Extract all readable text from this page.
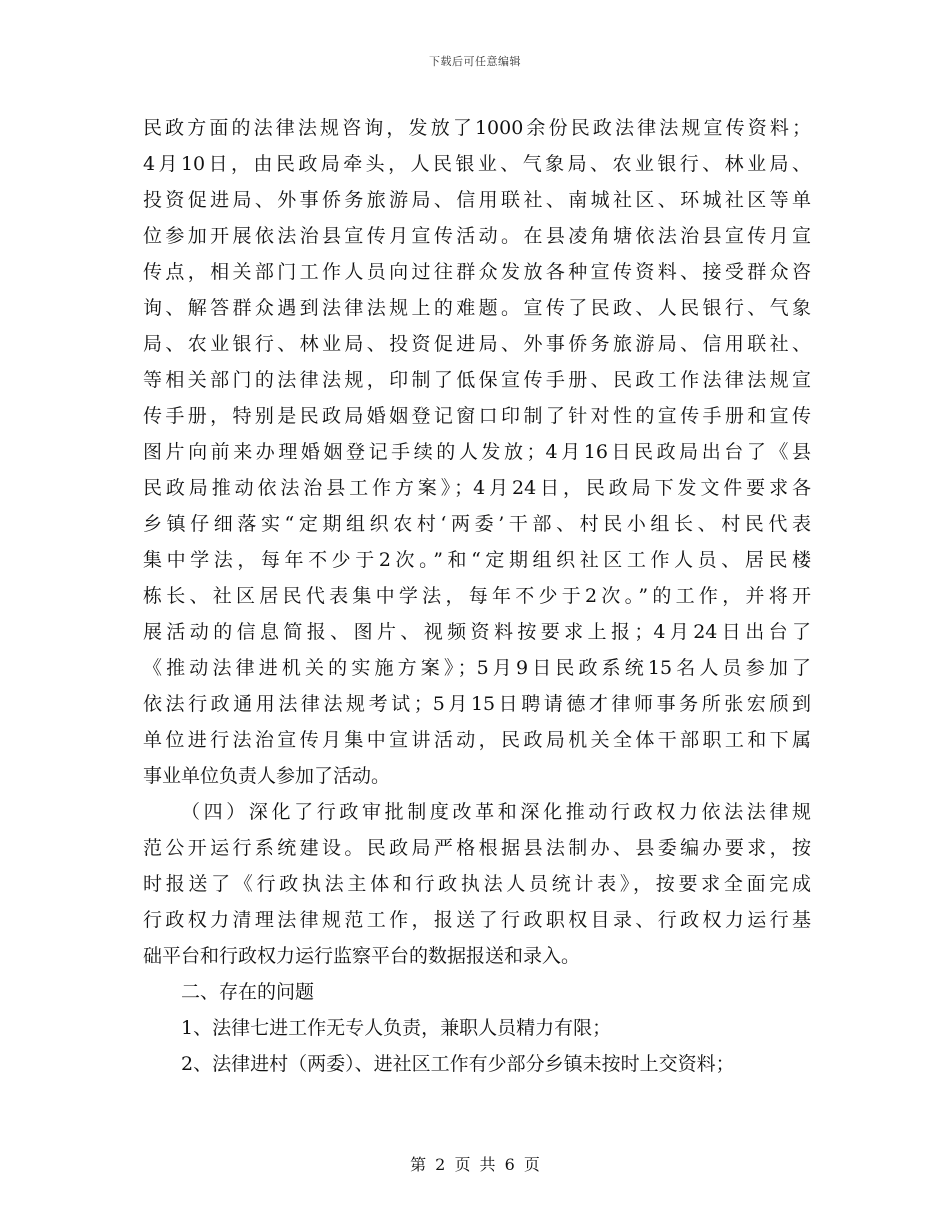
下载后可任意编辑
民政方面的法律法规咨询，发放了1000余份民政法律法规宣传资料；
4月10日，由民政局牵头，人民银业、气象局、农业银行、林业局、
投资促进局、外事侨务旅游局、信用联社、南城社区、环城社区等单
位参加开展依法治县宣传月宣传活动。在县凌角塘依法治县宣传月宣
传点，相关部门工作人员向过往群众发放各种宣传资料、接受群众咨
询、解答群众遇到法律法规上的难题。宣传了民政、人民银行、气象
局、农业银行、林业局、投资促进局、外事侨务旅游局、信用联社、
等相关部门的法律法规，印制了低保宣传手册、民政工作法律法规宣
传手册，特别是民政局婚姻登记窗口印制了针对性的宣传手册和宣传
图片向前来办理婚姻登记手续的人发放；4月16日民政局出台了《县
民政局推动依法治县工作方案》；4月24日，民政局下发文件要求各
乡镇仔细落实“定期组织农村‘两委’干部、村民小组长、村民代表
集中学法，每年不少于2次。”和“定期组织社区工作人员、居民楼
栋长、社区居民代表集中学法，每年不少于2次。”的工作，并将开
展活动的信息简报、图片、视频资料按要求上报；4月24日出台了
《推动法律进机关的实施方案》；5月9日民政系统15名人员参加了
依法行政通用法律法规考试；5月15日聘请德才律师事务所张宏颀到
单位进行法治宣传月集中宣讲活动，民政局机关全体干部职工和下属
事业单位负责人参加了活动。
（四）深化了行政审批制度改革和深化推动行政权力依法法律规
范公开运行系统建设。民政局严格根据县法制办、县委编办要求，按
时报送了《行政执法主体和行政执法人员统计表》，按要求全面完成
行政权力清理法律规范工作，报送了行政职权目录、行政权力运行基
础平台和行政权力运行监察平台的数据报送和录入。
二、存在的问题
1、法律七进工作无专人负责，兼职人员精力有限；
2、法律进村（两委）、进社区工作有少部分乡镇未按时上交资料；
第 2 页 共 6 页
